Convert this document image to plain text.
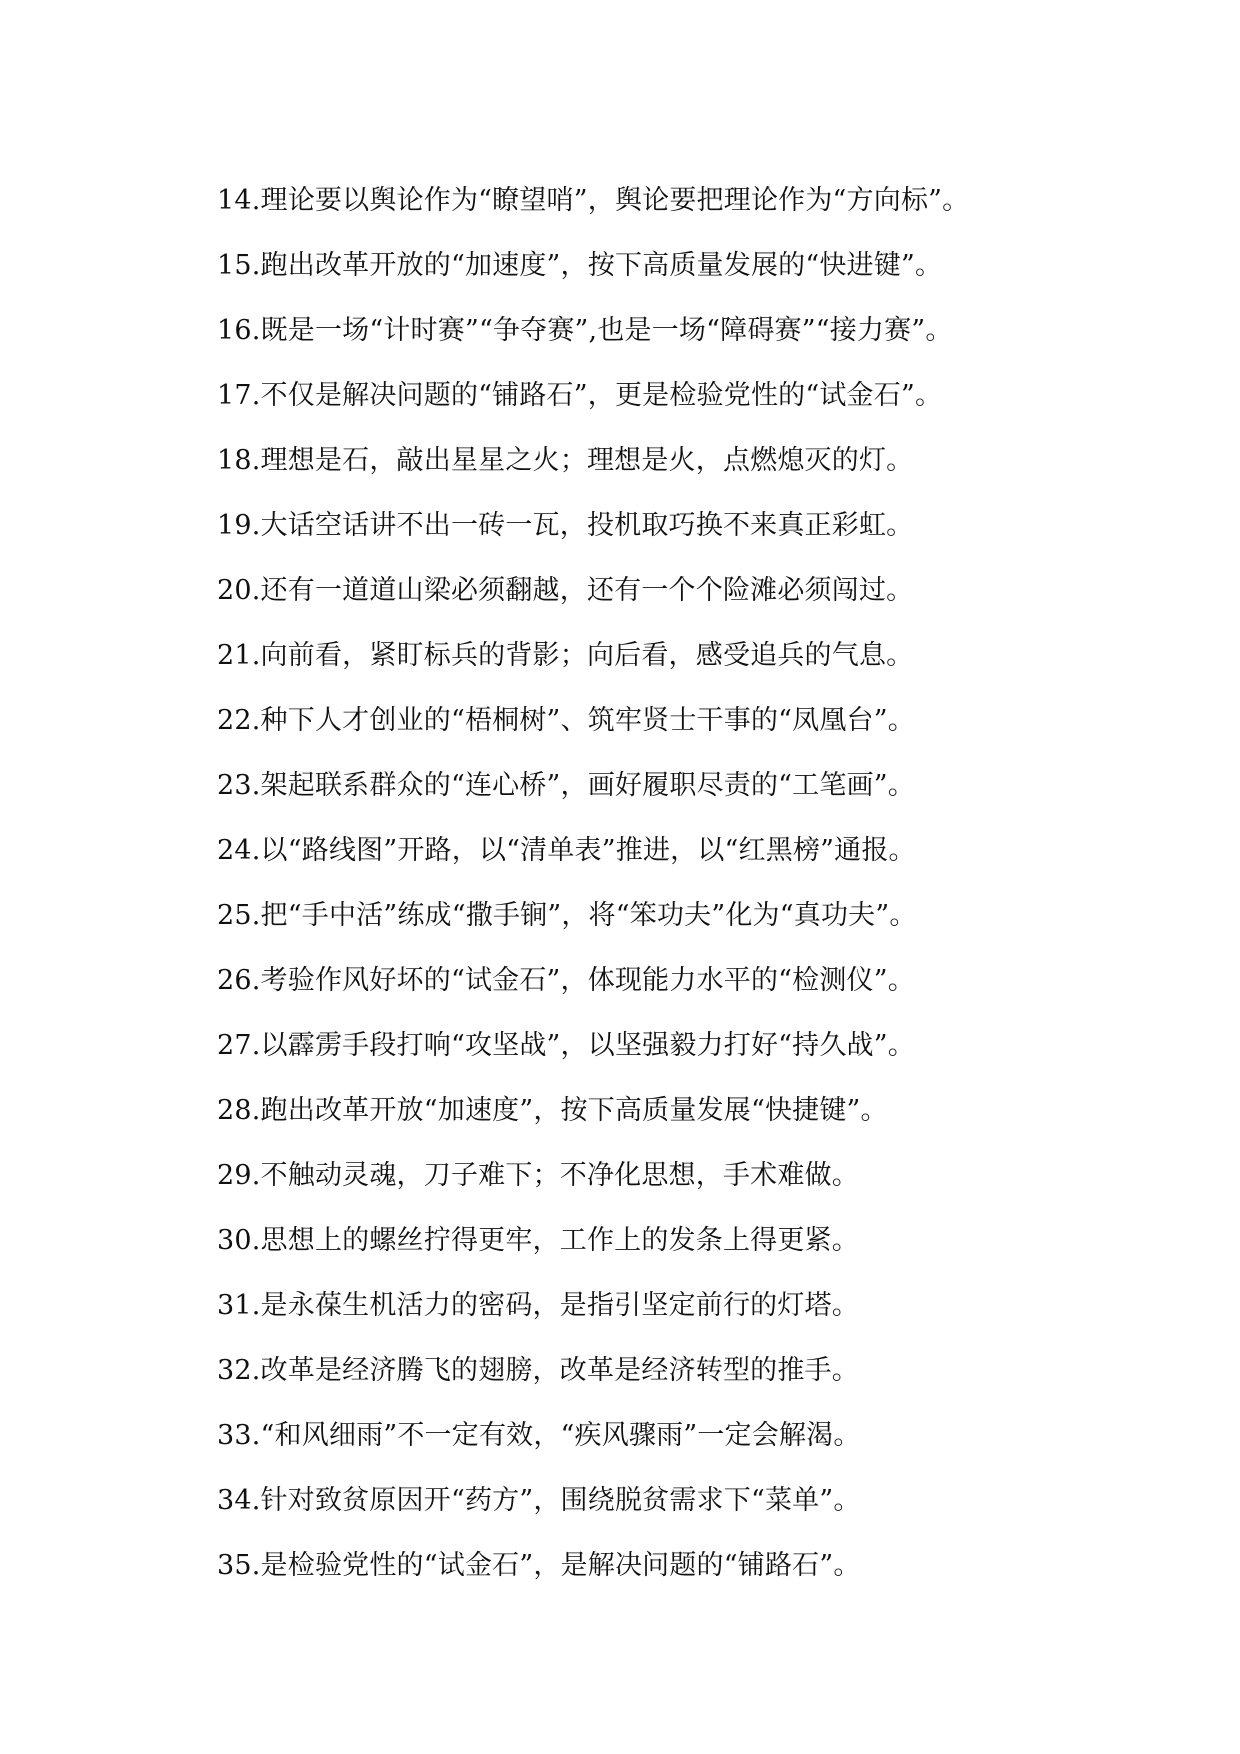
14.理论要以舆论作为“瞭望哨”，舆论要把理论作为“方向标”。
15.跑出改革开放的“加速度”，按下高质量发展的“快进键”。
16.既是一场“计时赛”“争夺赛”,也是一场“障碍赛”“接力赛”。
17.不仅是解决问题的“铺路石”，更是检验党性的“试金石”。
18.理想是石，敲出星星之火；理想是火，点燃熄灭的灯。
19.大话空话讲不出一砖一瓦，投机取巧换不来真正彩虹。
20.还有一道道山梁必须翻越，还有一个个险滩必须闯过。
21.向前看，紧盯标兵的背影；向后看，感受追兵的气息。
22.种下人才创业的“梧桐树”、筑牢贤士干事的“凤凰台”。
23.架起联系群众的“连心桥”，画好履职尽责的“工笔画”。
24.以“路线图”开路，以“清单表”推进，以“红黑榜”通报。
25.把“手中活”练成“撒手锏”，将“笨功夫”化为“真功夫”。
26.考验作风好坏的“试金石”，体现能力水平的“检测仪”。
27.以霹雳手段打响“攻坚战”，以坚强毅力打好“持久战”。
28.跑出改革开放“加速度”，按下高质量发展“快捷键”。
29.不触动灵魂，刀子难下；不净化思想，手术难做。
30.思想上的螺丝拧得更牢，工作上的发条上得更紧。
31.是永葆生机活力的密码，是指引坚定前行的灯塔。
32.改革是经济腾飞的翅膀，改革是经济转型的推手。
33.“和风细雨”不一定有效，“疾风骤雨”一定会解渴。
34.针对致贫原因开“药方”，围绕脱贫需求下“菜单”。
35.是检验党性的“试金石”，是解决问题的“铺路石”。
